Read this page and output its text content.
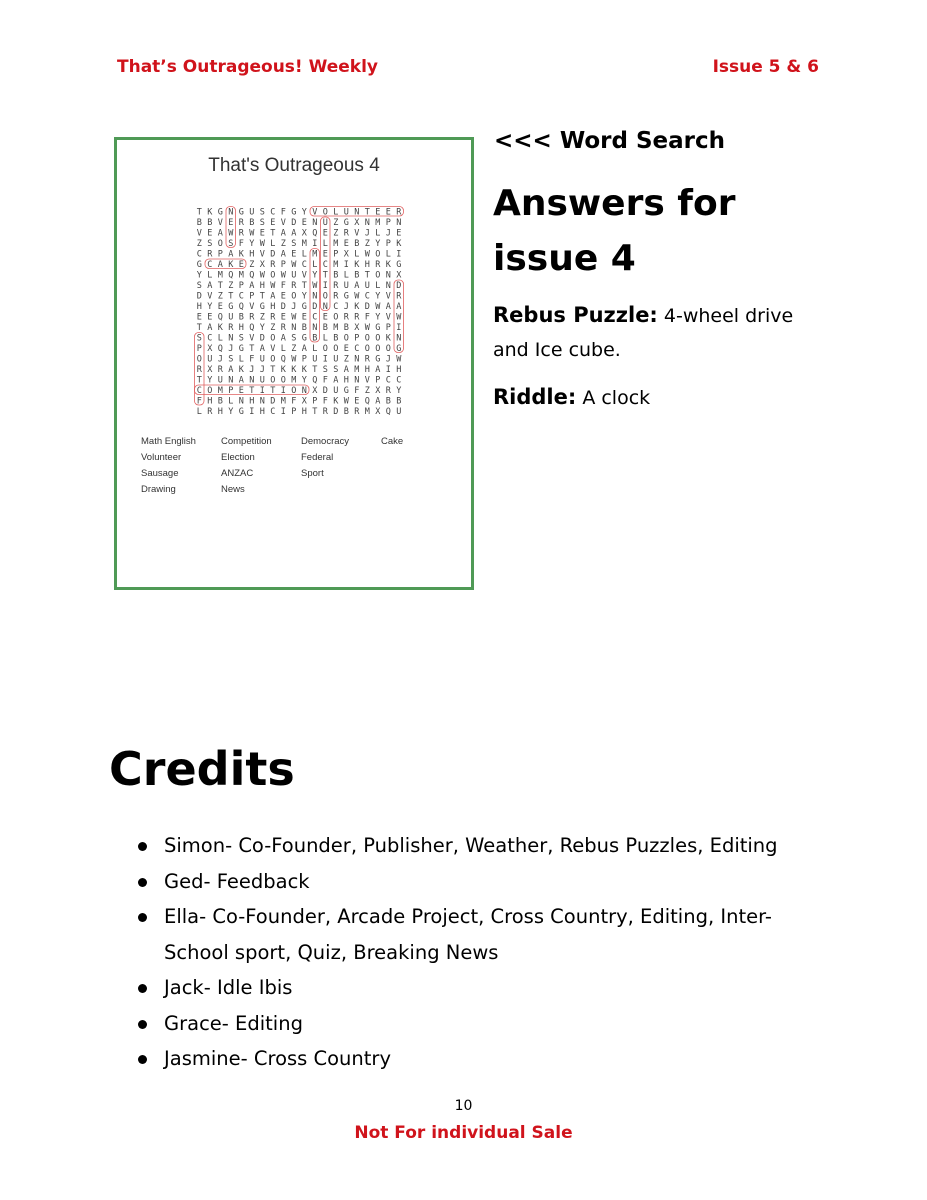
That’s Outrageous! Weekly	Issue 5 & 6
That's Outrageous 4
T K G N G U S C F G Y V O L U N T E E R
B B V E R B S E V D E N U Z G X N M P N
V E A W R W E T A A X Q E Z R V J L J E
Z S O S F Y W L Z S M I L M E B Z Y P K
C R P A K H V D A E L M E P X L W O L I
G C A K E Z X R P W C L C M I K H R K G
Y L M Q M Q W O W U V Y T B L B T O N X
S A T Z P A H W F R T W I R U A U L N D
D V Z T C P T A E O Y N O R G W C Y V R
H Y E G Q V G H D J G D N C J K D W A A
E E Q U B R Z R E W E C E O R R F Y V W
T A K R H Q Y Z R N B N B M B X W G P I
S C L N S V D O A S G B L B O P O O K N
P X Q J G T A V L Z A L O O E C O O O G
O U J S L F U O Q W P U I U Z N R G J W
R X R A K J J T K K K T S S A M H A I H
T Y U N A N U O O M Y Q F A H N V P C C
C O M P E T I T I O N X D U G F Z X R Y
F H B L N H N D M F X P F K W E Q A B B
L R H Y G I H C I P H T R D B R M X Q U
Math English	Competition	Democracy	Cake
Volunteer	Election	Federal
Sausage	ANZAC	Sport
Drawing	News
<<< Word Search
Answers for issue 4
Rebus Puzzle: 4-wheel drive and Ice cube.
Riddle: A clock
Credits
Simon- Co-Founder, Publisher, Weather, Rebus Puzzles, Editing
Ged- Feedback
Ella- Co-Founder, Arcade Project, Cross Country, Editing, Inter-School sport, Quiz, Breaking News
Jack- Idle Ibis
Grace- Editing
Jasmine- Cross Country
10
Not For individual Sale
